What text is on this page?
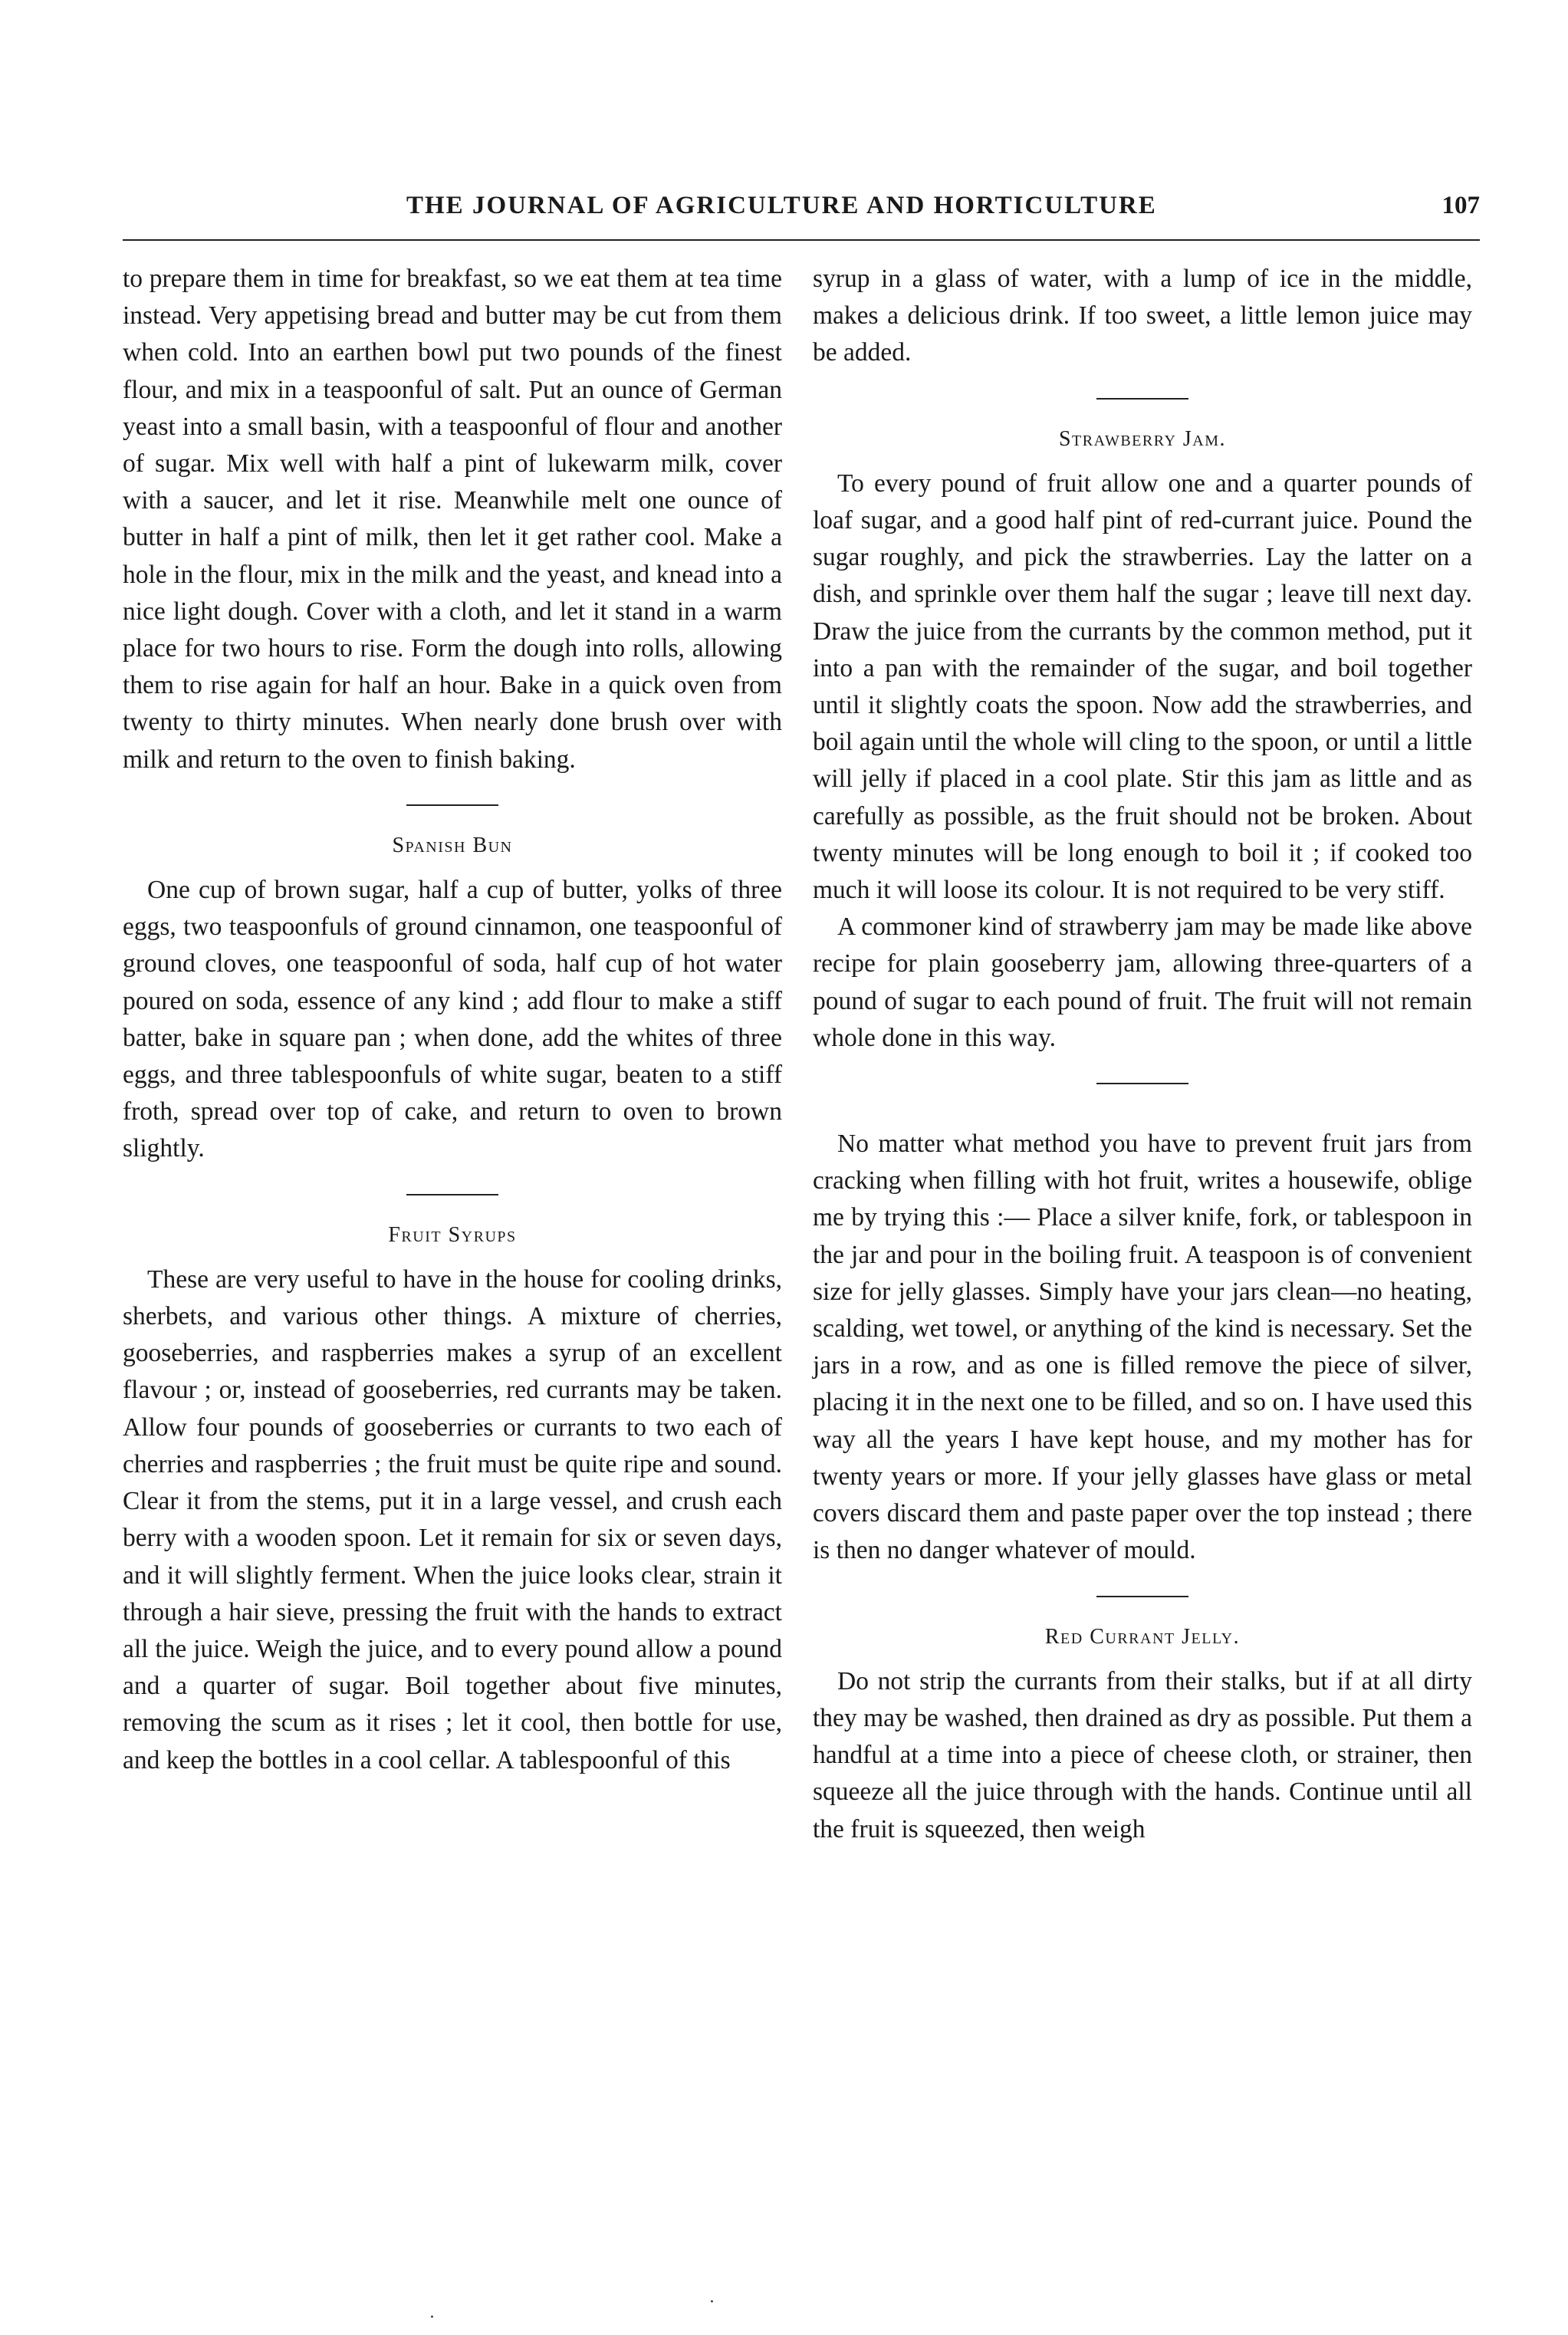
THE JOURNAL OF AGRICULTURE AND HORTICULTURE	107

to prepare them in time for breakfast, so we eat them at tea time instead. Very appetising bread and butter may be cut from them when cold. Into an earthen bowl put two pounds of the finest flour, and mix in a teaspoonful of salt. Put an ounce of German yeast into a small basin, with a teaspoonful of flour and another of sugar. Mix well with half a pint of lukewarm milk, cover with a saucer, and let it rise. Meanwhile melt one ounce of butter in half a pint of milk, then let it get rather cool. Make a hole in the flour, mix in the milk and the yeast, and knead into a nice light dough. Cover with a cloth, and let it stand in a warm place for two hours to rise. Form the dough into rolls, allowing them to rise again for half an hour. Bake in a quick oven from twenty to thirty minutes. When nearly done brush over with milk and return to the oven to finish baking.

Spanish Bun

One cup of brown sugar, half a cup of butter, yolks of three eggs, two teaspoonfuls of ground cinnamon, one teaspoonful of ground cloves, one teaspoonful of soda, half cup of hot water poured on soda, essence of any kind ; add flour to make a stiff batter, bake in square pan ; when done, add the whites of three eggs, and three tablespoonfuls of white sugar, beaten to a stiff froth, spread over top of cake, and return to oven to brown slightly.

Fruit Syrups

These are very useful to have in the house for cooling drinks, sherbets, and various other things. A mixture of cherries, gooseberries, and raspberries makes a syrup of an excellent flavour ; or, instead of gooseberries, red currants may be taken. Allow four pounds of gooseberries or currants to two each of cherries and raspberries ; the fruit must be quite ripe and sound. Clear it from the stems, put it in a large vessel, and crush each berry with a wooden spoon. Let it remain for six or seven days, and it will slightly ferment. When the juice looks clear, strain it through a hair sieve, pressing the fruit with the hands to extract all the juice. Weigh the juice, and to every pound allow a pound and a quarter of sugar. Boil together about five minutes, removing the scum as it rises ; let it cool, then bottle for use, and keep the bottles in a cool cellar. A tablespoonful of this

syrup in a glass of water, with a lump of ice in the middle, makes a delicious drink. If too sweet, a little lemon juice may be added.

Strawberry Jam.

To every pound of fruit allow one and a quarter pounds of loaf sugar, and a good half pint of red-currant juice. Pound the sugar roughly, and pick the strawberries. Lay the latter on a dish, and sprinkle over them half the sugar ; leave till next day. Draw the juice from the currants by the common method, put it into a pan with the remainder of the sugar, and boil together until it slightly coats the spoon. Now add the strawberries, and boil again until the whole will cling to the spoon, or until a little will jelly if placed in a cool plate. Stir this jam as little and as carefully as possible, as the fruit should not be broken. About twenty minutes will be long enough to boil it ; if cooked too much it will loose its colour. It is not required to be very stiff.

A commoner kind of strawberry jam may be made like above recipe for plain gooseberry jam, allowing three-quarters of a pound of sugar to each pound of fruit. The fruit will not remain whole done in this way.

No matter what method you have to prevent fruit jars from cracking when filling with hot fruit, writes a housewife, oblige me by trying this :— Place a silver knife, fork, or tablespoon in the jar and pour in the boiling fruit. A teaspoon is of convenient size for jelly glasses. Simply have your jars clean—no heating, scalding, wet towel, or anything of the kind is necessary. Set the jars in a row, and as one is filled remove the piece of silver, placing it in the next one to be filled, and so on. I have used this way all the years I have kept house, and my mother has for twenty years or more. If your jelly glasses have glass or metal covers discard them and paste paper over the top instead ; there is then no danger whatever of mould.

Red Currant Jelly.

Do not strip the currants from their stalks, but if at all dirty they may be washed, then drained as dry as possible. Put them a handful at a time into a piece of cheese cloth, or strainer, then squeeze all the juice through with the hands. Continue until all the fruit is squeezed, then weigh

·
·
